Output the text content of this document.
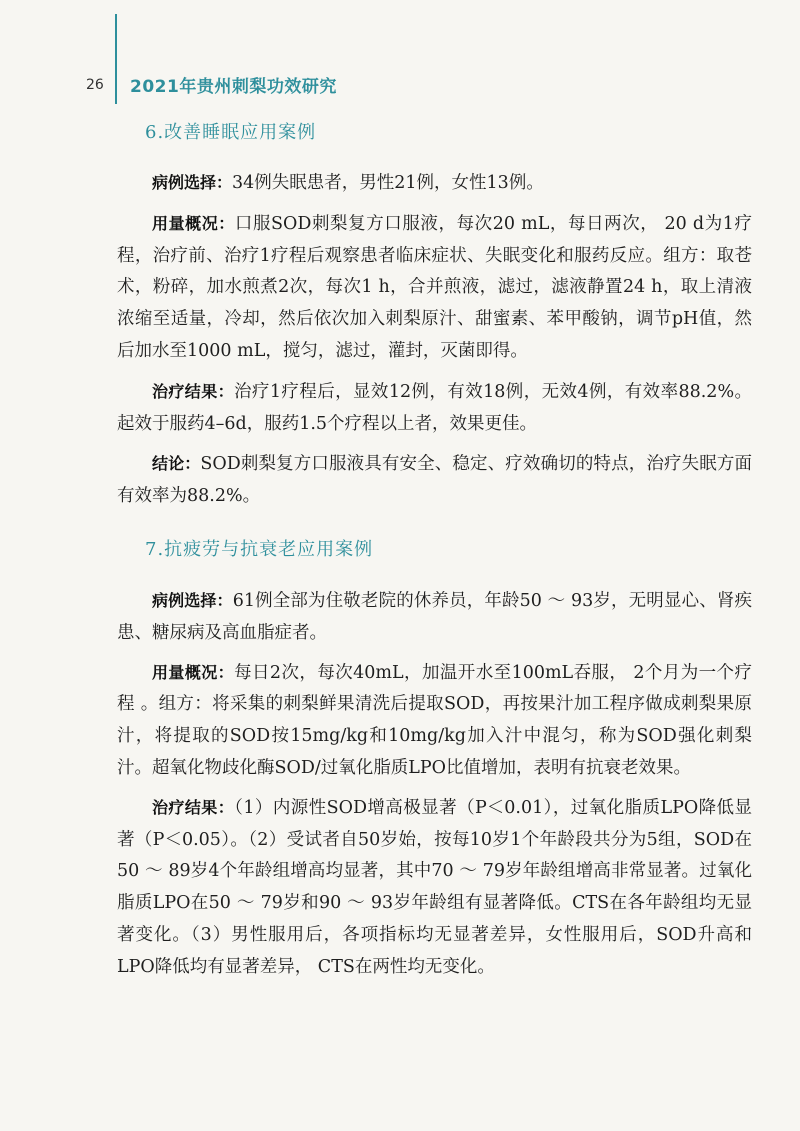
26 2021年贵州刺梨功效研究
6.改善睡眠应用案例

病例选择：34例失眠患者，男性21例，女性13例。

用量概况：口服SOD刺梨复方口服液，每次20 mL，每日两次， 20 d为1疗程，治疗前、治疗1疗程后观察患者临床症状、失眠变化和服药反应。组方：取苍术，粉碎，加水煎煮2次，每次1 h，合并煎液，滤过，滤液静置24 h，取上清液浓缩至适量，冷却，然后依次加入刺梨原汁、甜蜜素、苯甲酸钠，调节pH值，然后加水至1000 mL，搅匀，滤过，灌封，灭菌即得。

治疗结果：治疗1疗程后，显效12例，有效18例，无效4例，有效率88.2%。起效于服药4–6d，服药1.5个疗程以上者，效果更佳。

结论：SOD刺梨复方口服液具有安全、稳定、疗效确切的特点，治疗失眠方面有效率为88.2%。

7.抗疲劳与抗衰老应用案例

病例选择：61例全部为住敬老院的休养员，年龄50 ～ 93岁，无明显心、肾疾患、糖尿病及高血脂症者。

用量概况：每日2次，每次40mL，加温开水至100mL吞服， 2个月为一个疗程 。组方：将采集的刺梨鲜果清洗后提取SOD，再按果汁加工程序做成刺梨果原汁，将提取的SOD按15mg/kg和10mg/kg加入汁中混匀，称为SOD强化刺梨汁。超氧化物歧化酶SOD/过氧化脂质LPO比值增加，表明有抗衰老效果。

治疗结果：（1）内源性SOD增高极显著（P＜0.01），过氧化脂质LPO降低显著（P＜0.05）。（2）受试者自50岁始，按每10岁1个年龄段共分为5组，SOD在50 ～ 89岁4个年龄组增高均显著，其中70 ～ 79岁年龄组增高非常显著。过氧化脂质LPO在50 ～ 79岁和90 ～ 93岁年龄组有显著降低。CTS在各年龄组均无显著变化。（3）男性服用后，各项指标均无显著差异，女性服用后，SOD升高和LPO降低均有显著差异， CTS在两性均无变化。
